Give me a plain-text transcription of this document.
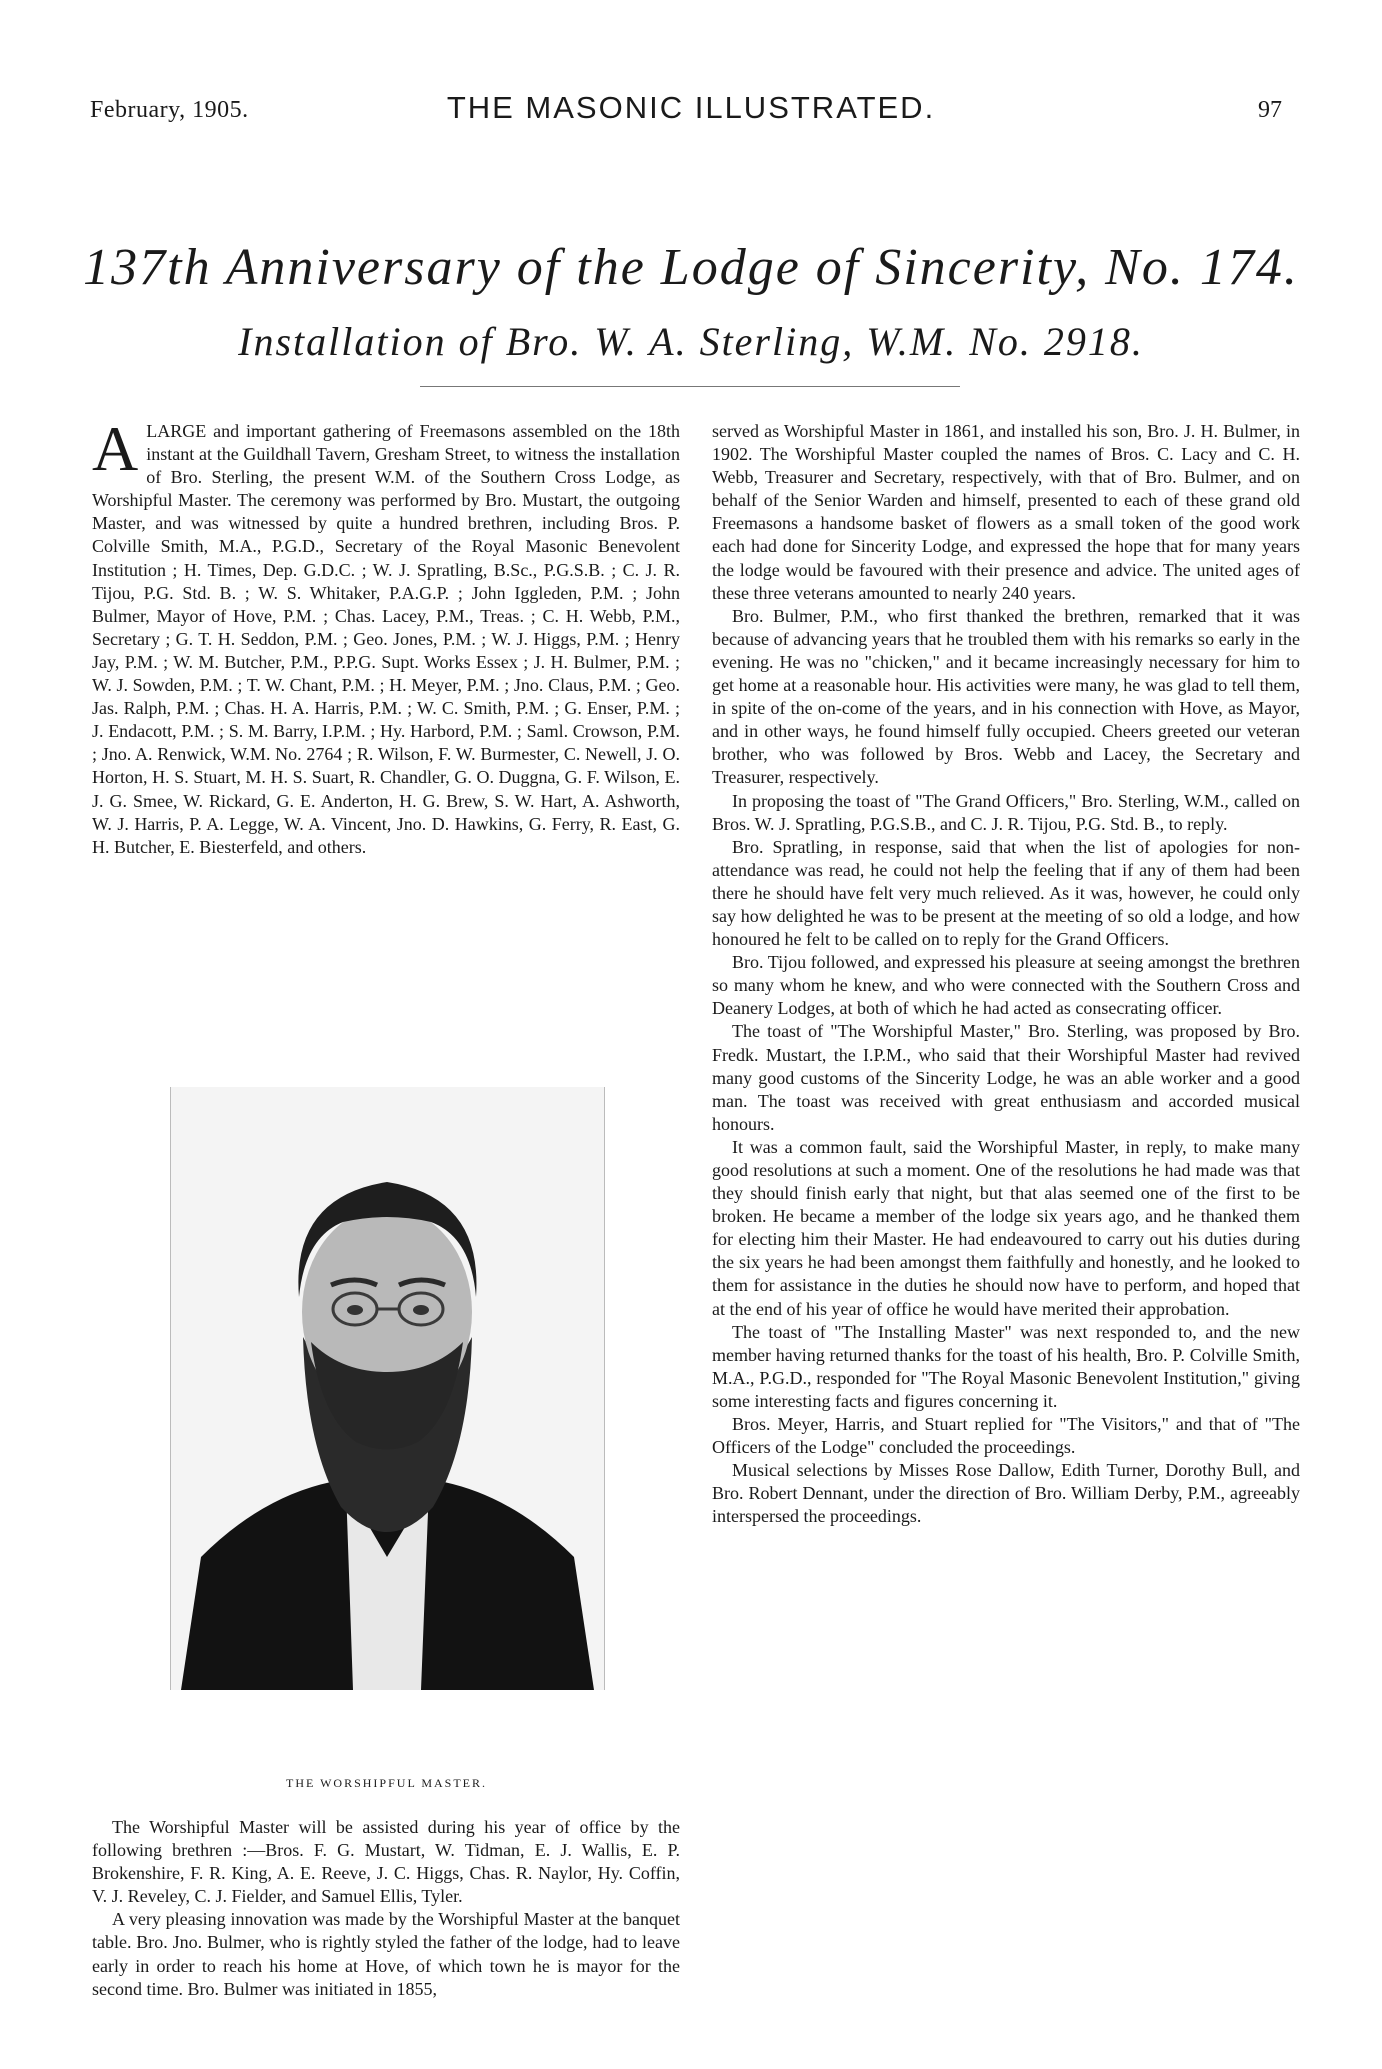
February, 1905.	THE MASONIC ILLUSTRATED.	97
137th Anniversary of the Lodge of Sincerity, No. 174.
Installation of Bro. W. A. Sterling, W.M. No. 2918.

ALARGE and important gathering of Freemasons assembled on the 18th instant at the Guildhall Tavern, Gresham Street, to witness the installation of Bro. Sterling, the present W.M. of the Southern Cross Lodge, as Worshipful Master. The ceremony was performed by Bro. Mustart, the outgoing Master, and was witnessed by quite a hundred brethren, including Bros. P. Colville Smith, M.A., P.G.D., Secretary of the Royal Masonic Benevolent Institution ; H. Times, Dep. G.D.C. ; W. J. Spratling, B.Sc., P.G.S.B. ; C. J. R. Tijou, P.G. Std. B. ; W. S. Whitaker, P.A.G.P. ; John Iggleden, P.M. ; John Bulmer, Mayor of Hove, P.M. ; Chas. Lacey, P.M., Treas. ; C. H. Webb, P.M., Secretary ; G. T. H. Seddon, P.M. ; Geo. Jones, P.M. ; W. J. Higgs, P.M. ; Henry Jay, P.M. ; W. M. Butcher, P.M., P.P.G. Supt. Works Essex ; J. H. Bulmer, P.M. ; W. J. Sowden, P.M. ; T. W. Chant, P.M. ; H. Meyer, P.M. ; Jno. Claus, P.M. ; Geo. Jas. Ralph, P.M. ; Chas. H. A. Harris, P.M. ; W. C. Smith, P.M. ; G. Enser, P.M. ; J. Endacott, P.M. ; S. M. Barry, I.P.M. ; Hy. Harbord, P.M. ; Saml. Crowson, P.M. ; Jno. A. Renwick, W.M. No. 2764 ; R. Wilson, F. W. Burmester, C. Newell, J. O. Horton, H. S. Stuart, M. H. S. Suart, R. Chandler, G. O. Duggna, G. F. Wilson, E. J. G. Smee, W. Rickard, G. E. Anderton, H. G. Brew, S. W. Hart, A. Ashworth, W. J. Harris, P. A. Legge, W. A. Vincent, Jno. D. Hawkins, G. Ferry, R. East, G. H. Butcher, E. Biesterfeld, and others.

THE WORSHIPFUL MASTER.

The Worshipful Master will be assisted during his year of office by the following brethren :—Bros. F. G. Mustart, W. Tidman, E. J. Wallis, E. P. Brokenshire, F. R. King, A. E. Reeve, J. C. Higgs, Chas. R. Naylor, Hy. Coffin, V. J. Reveley, C. J. Fielder, and Samuel Ellis, Tyler.

A very pleasing innovation was made by the Worshipful Master at the banquet table. Bro. Jno. Bulmer, who is rightly styled the father of the lodge, had to leave early in order to reach his home at Hove, of which town he is mayor for the second time. Bro. Bulmer was initiated in 1855,

served as Worshipful Master in 1861, and installed his son, Bro. J. H. Bulmer, in 1902. The Worshipful Master coupled the names of Bros. C. Lacy and C. H. Webb, Treasurer and Secretary, respectively, with that of Bro. Bulmer, and on behalf of the Senior Warden and himself, presented to each of these grand old Freemasons a handsome basket of flowers as a small token of the good work each had done for Sincerity Lodge, and expressed the hope that for many years the lodge would be favoured with their presence and advice. The united ages of these three veterans amounted to nearly 240 years.

Bro. Bulmer, P.M., who first thanked the brethren, remarked that it was because of advancing years that he troubled them with his remarks so early in the evening. He was no "chicken," and it became increasingly necessary for him to get home at a reasonable hour. His activities were many, he was glad to tell them, in spite of the on-come of the years, and in his connection with Hove, as Mayor, and in other ways, he found himself fully occupied. Cheers greeted our veteran brother, who was followed by Bros. Webb and Lacey, the Secretary and Treasurer, respectively.

In proposing the toast of "The Grand Officers," Bro. Sterling, W.M., called on Bros. W. J. Spratling, P.G.S.B., and C. J. R. Tijou, P.G. Std. B., to reply.

Bro. Spratling, in response, said that when the list of apologies for non-attendance was read, he could not help the feeling that if any of them had been there he should have felt very much relieved. As it was, however, he could only say how delighted he was to be present at the meeting of so old a lodge, and how honoured he felt to be called on to reply for the Grand Officers.

Bro. Tijou followed, and expressed his pleasure at seeing amongst the brethren so many whom he knew, and who were connected with the Southern Cross and Deanery Lodges, at both of which he had acted as consecrating officer.

The toast of "The Worshipful Master," Bro. Sterling, was proposed by Bro. Fredk. Mustart, the I.P.M., who said that their Worshipful Master had revived many good customs of the Sincerity Lodge, he was an able worker and a good man. The toast was received with great enthusiasm and accorded musical honours.

It was a common fault, said the Worshipful Master, in reply, to make many good resolutions at such a moment. One of the resolutions he had made was that they should finish early that night, but that alas seemed one of the first to be broken. He became a member of the lodge six years ago, and he thanked them for electing him their Master. He had endeavoured to carry out his duties during the six years he had been amongst them faithfully and honestly, and he looked to them for assistance in the duties he should now have to perform, and hoped that at the end of his year of office he would have merited their approbation.

The toast of "The Installing Master" was next responded to, and the new member having returned thanks for the toast of his health, Bro. P. Colville Smith, M.A., P.G.D., responded for "The Royal Masonic Benevolent Institution," giving some interesting facts and figures concerning it.

Bros. Meyer, Harris, and Stuart replied for "The Visitors," and that of "The Officers of the Lodge" concluded the proceedings.

Musical selections by Misses Rose Dallow, Edith Turner, Dorothy Bull, and Bro. Robert Dennant, under the direction of Bro. William Derby, P.M., agreeably interspersed the proceedings.
